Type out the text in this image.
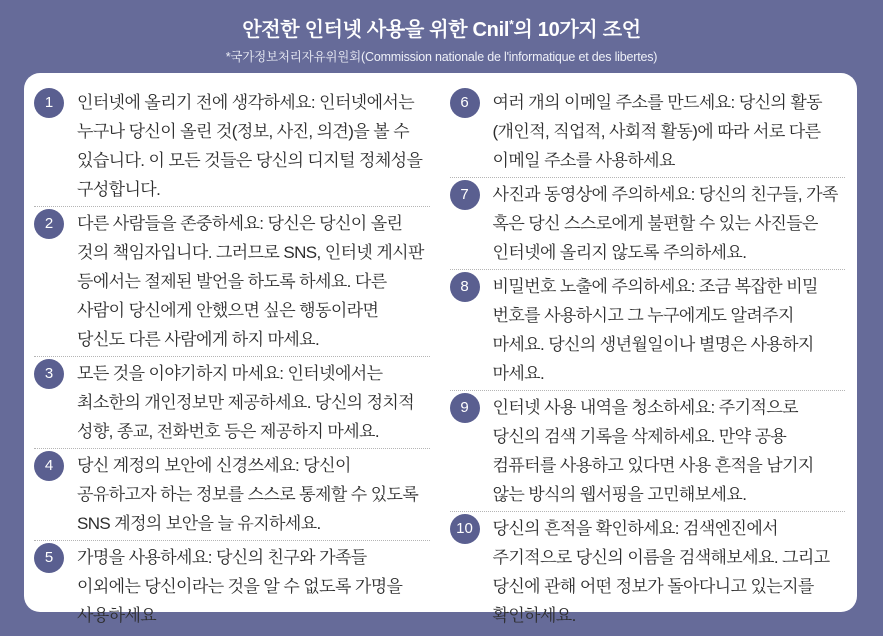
안전한 인터넷 사용을 위한 Cnil*의 10가지 조언

*국가정보처리자유위원회(Commission nationale de l'informatique et des libertes)

1	인터넷에 올리기 전에 생각하세요: 인터넷에서는 누구나 당신이 올린 것(정보, 사진, 의견)을 볼 수 있습니다. 이 모든 것들은 당신의 디지털 정체성을 구성합니다.

2	다른 사람들을 존중하세요: 당신은 당신이 올린 것의 책임자입니다. 그러므로 SNS, 인터넷 게시판 등에서는 절제된 발언을 하도록 하세요. 다른 사람이 당신에게 안했으면 싶은 행동이라면 당신도 다른 사람에게 하지 마세요.

3	모든 것을 이야기하지 마세요: 인터넷에서는 최소한의 개인정보만 제공하세요. 당신의 정치적 성향, 종교, 전화번호 등은 제공하지 마세요.

4	당신 계정의 보안에 신경쓰세요: 당신이 공유하고자 하는 정보를 스스로 통제할 수 있도록 SNS 계정의 보안을 늘 유지하세요.

5	가명을 사용하세요: 당신의 친구와 가족들 이외에는 당신이라는 것을 알 수 없도록 가명을 사용하세요

6	여러 개의 이메일 주소를 만드세요: 당신의 활동(개인적, 직업적, 사회적 활동)에 따라 서로 다른 이메일 주소를 사용하세요

7	사진과 동영상에 주의하세요: 당신의 친구들, 가족 혹은 당신 스스로에게 불편할 수 있는 사진들은 인터넷에 올리지 않도록 주의하세요.

8	비밀번호 노출에 주의하세요: 조금 복잡한 비밀 번호를 사용하시고 그 누구에게도 알려주지 마세요. 당신의 생년월일이나 별명은 사용하지 마세요.

9	인터넷 사용 내역을 청소하세요: 주기적으로 당신의 검색 기록을 삭제하세요. 만약 공용 컴퓨터를 사용하고 있다면 사용 흔적을 남기지 않는 방식의 웹서핑을 고민해보세요.

10	당신의 흔적을 확인하세요: 검색엔진에서 주기적으로 당신의 이름을 검색해보세요. 그리고 당신에 관해 어떤 정보가 돌아다니고 있는지를 확인하세요.
